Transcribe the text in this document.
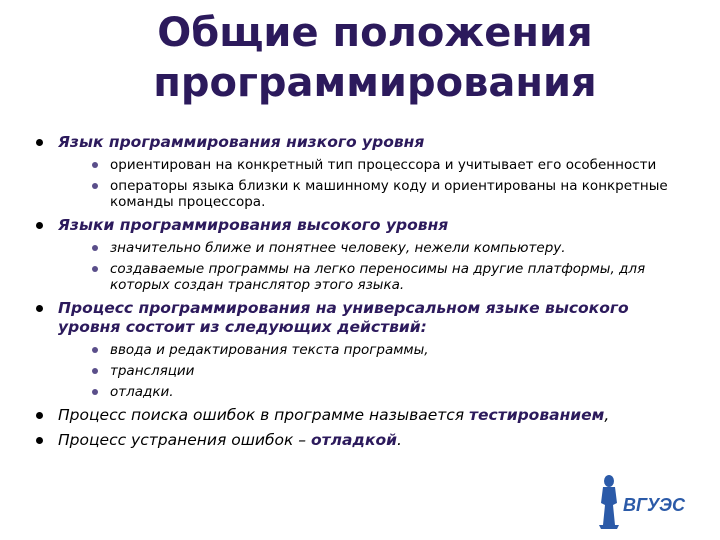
Общие положения программирования
Язык программирования низкого уровня
ориентирован на конкретный тип процессора и учитывает его особенности
операторы языка близки к машинному коду и ориентированы на конкретные команды процессора.
Языки программирования высокого уровня
значительно ближе и понятнее человеку, нежели компьютеру.
создаваемые программы на легко переносимы на другие платформы, для которых создан транслятор этого языка.
Процесс программирования на универсальном языке высокого уровня состоит из следующих действий:
ввода и редактирования текста программы,
трансляции
отладки.
Процесс поиска ошибок в программе называется тестированием,
Процесс устранения ошибок – отладкой.
ВГУЭС
